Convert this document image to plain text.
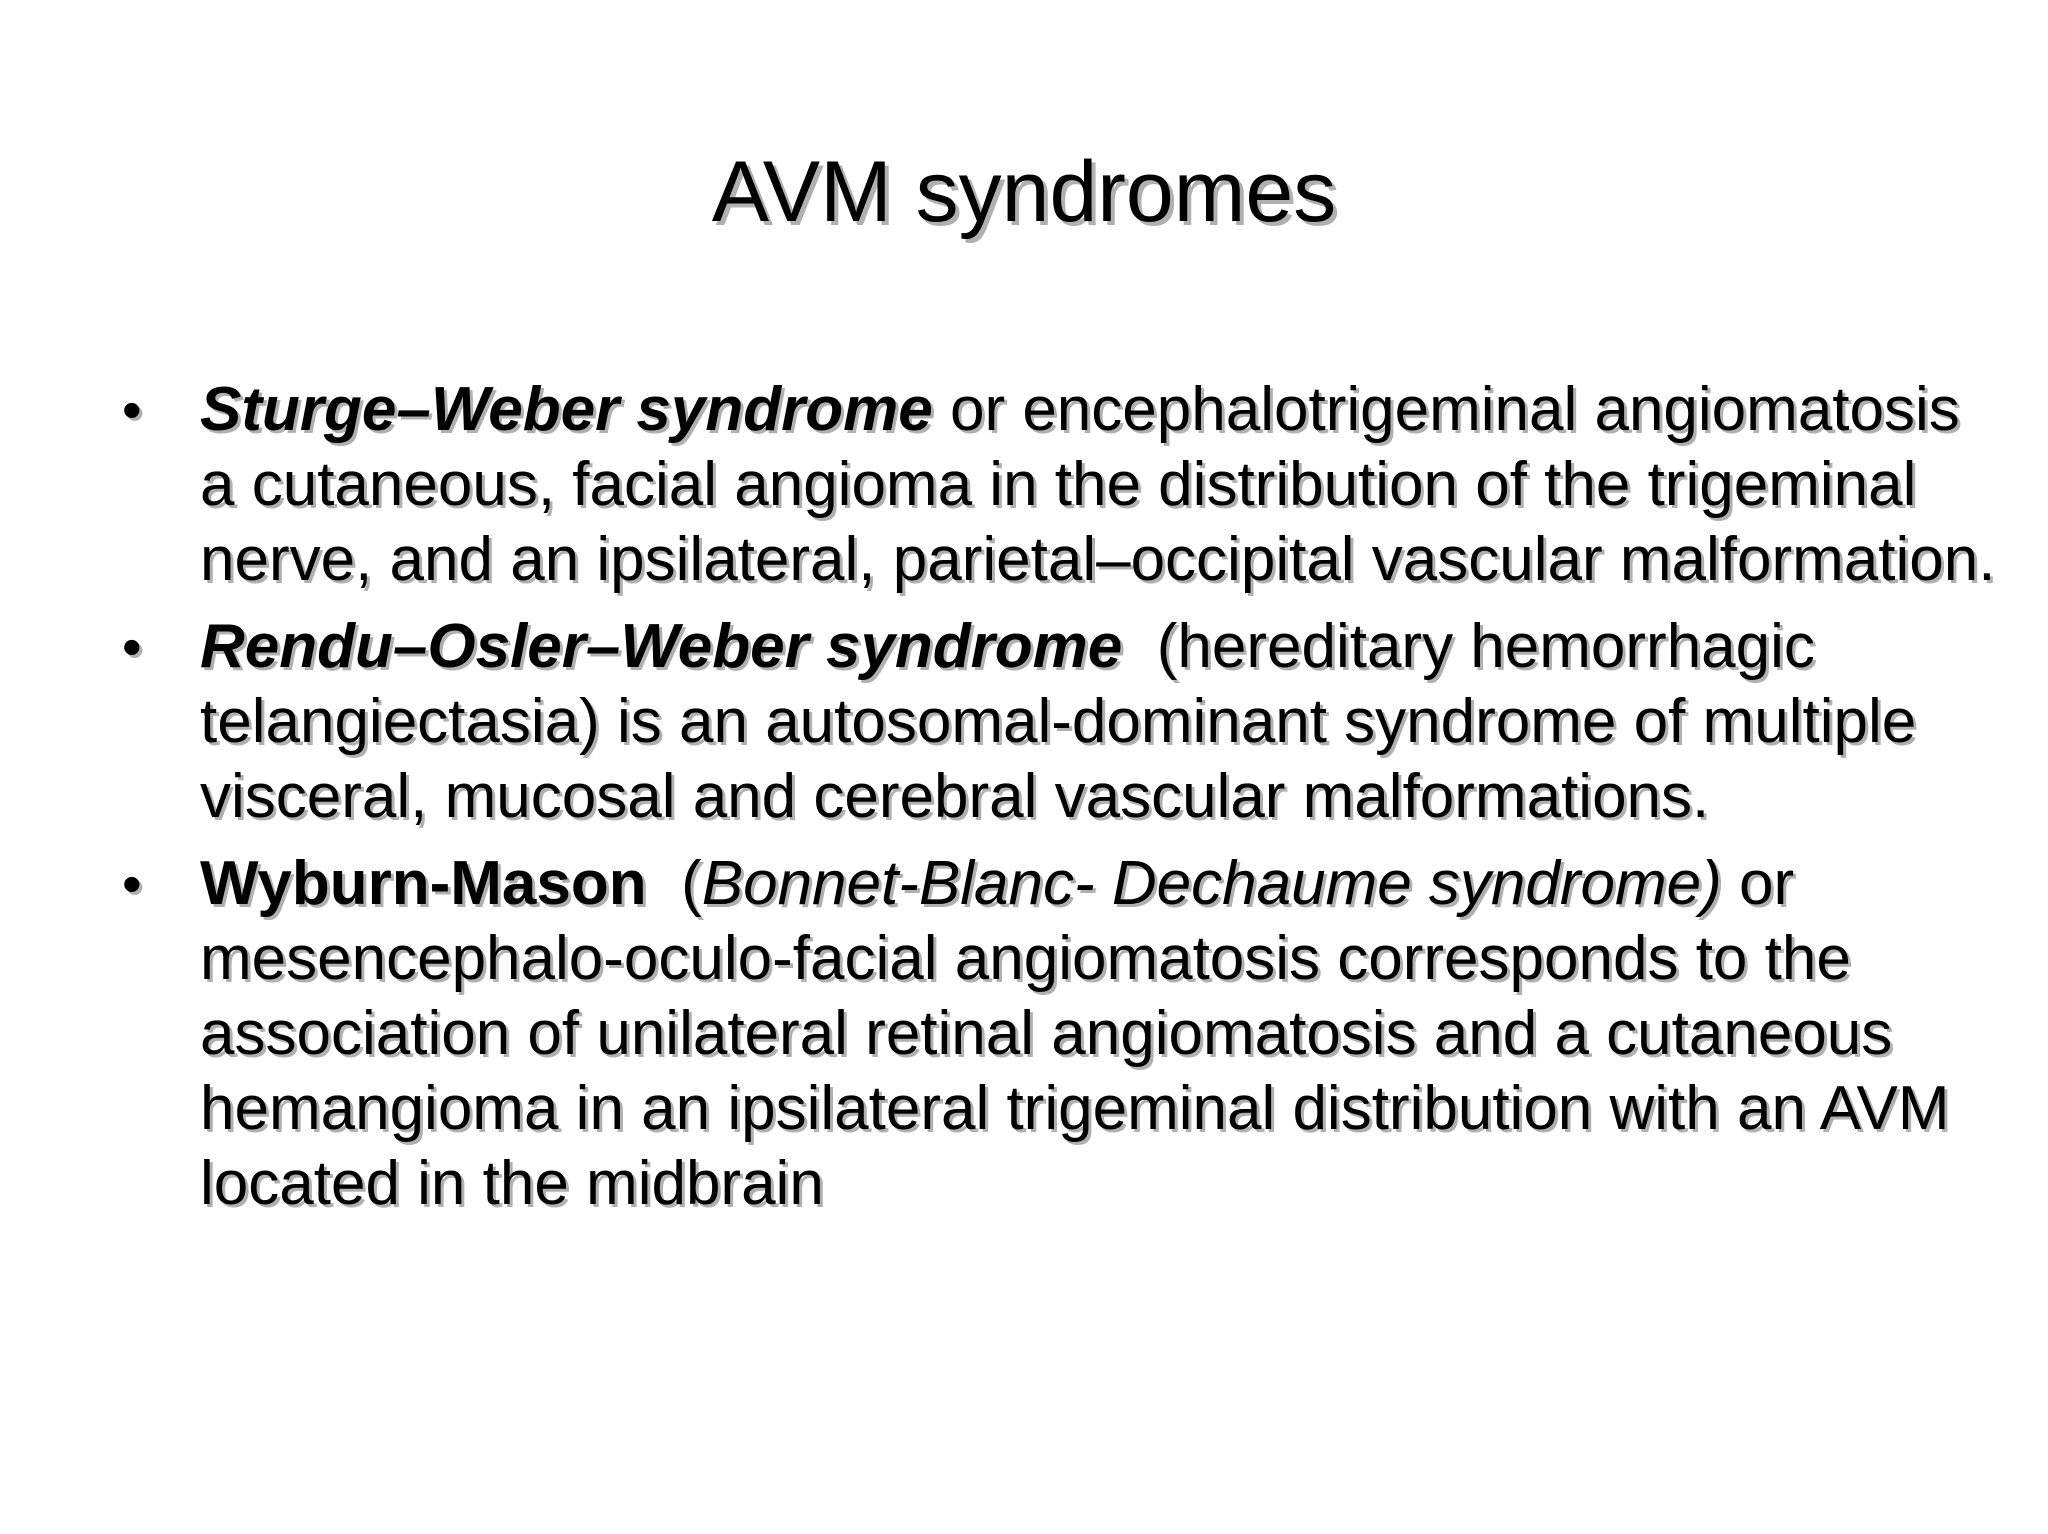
AVM syndromes
• Sturge–Weber syndrome or encephalotrigeminal angiomatosis a cutaneous, facial angioma in the distribution of the trigeminal nerve, and an ipsilateral, parietal–occipital vascular malformation.
• Rendu–Osler–Weber syndrome  (hereditary hemorrhagic telangiectasia) is an autosomal-dominant syndrome of multiple visceral, mucosal and cerebral vascular malformations.
• Wyburn-Mason  (Bonnet-Blanc- Dechaume syndrome) or mesencephalo-oculo-facial angiomatosis corresponds to the association of unilateral retinal angiomatosis and a cutaneous hemangioma in an ipsilateral trigeminal distribution with an AVM located in the midbrain
